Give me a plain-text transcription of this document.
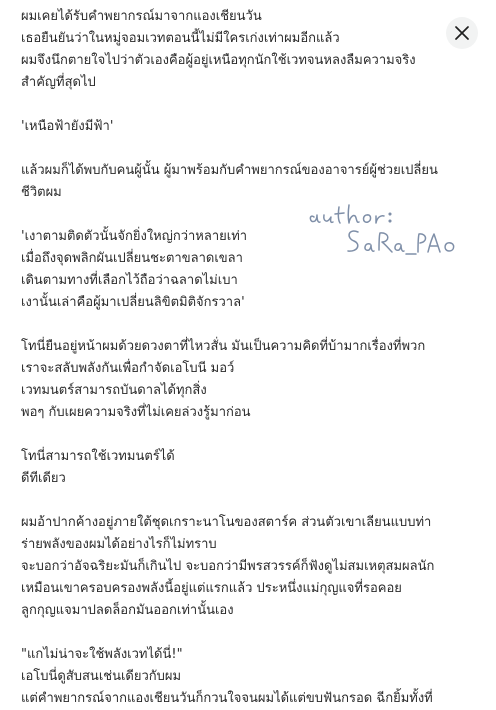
ผมเคยได้รับคำพยากรณ์มาจากแองเชียนวัน
เธอยืนยันว่าในหมู่จอมเวทตอนนี้ไม่มีใครเก่งเท่าผมอีกแล้ว
ผมจึงนึกตายใจไปว่าตัวเองคือผู้อยู่เหนือทุกนักใช้เวทจนหลงลืมความจริง
สำคัญที่สุดไป
'เหนือฟ้ายังมีฟ้า'
แล้วผมก็ได้พบกับคนผู้นั้น ผู้มาพร้อมกับคำพยากรณ์ของอาจารย์ผู้ช่วยเปลี่ยน
ชีวิตผม
'เงาตามติดตัวนั้นจักยิ่งใหญ่กว่าหลายเท่า
เมื่อถึงจุดพลิกผันเปลี่ยนชะตาขลาดเขลา
เดินตามทางที่เลือกไว้ถือว่าฉลาดไม่เบา
เงานั้นเล่าคือผู้มาเปลี่ยนลิขิตมิติจักรวาล'
โทนี่ยืนอยู่หน้าผมด้วยดวงตาที่ไหวสั่น มันเป็นความคิดที่บ้ามากเรื่องที่พวก
เราจะสลับพลังกันเพื่อกำจัดเอโบนี มอว์
เวทมนตร์สามารถบันดาลได้ทุกสิ่ง
พอๆ กับเผยความจริงที่ไม่เคยล่วงรู้มาก่อน
โทนี่สามารถใช้เวทมนตร์ได้
ดีทีเดียว
ผมอ้าปากค้างอยู่ภายใต้ชุดเกราะนาโนของสตาร์ค ส่วนตัวเขาเลียนแบบท่า
ร่ายพลังของผมได้อย่างไรก็ไม่ทราบ
จะบอกว่าอัจฉริยะมันก็เกินไป จะบอกว่ามีพรสวรรค์ก็ฟังดูไม่สมเหตุสมผลนัก
เหมือนเขาครอบครองพลังนี้อยู่แต่แรกแล้ว ประหนึ่งแม่กุญแจที่รอคอย
ลูกกุญแจมาปลดล็อกมันออกเท่านั้นเอง
"แกไม่น่าจะใช้พลังเวทได้นี่!"
เอโบนี่ดูสับสนเช่นเดียวกับผม
แต่คำพยากรณ์จากแองเชียนวันก็กวนใจจนผมได้แต่ขบฟันกรอด ฉีกยิ้มทั้งที่
